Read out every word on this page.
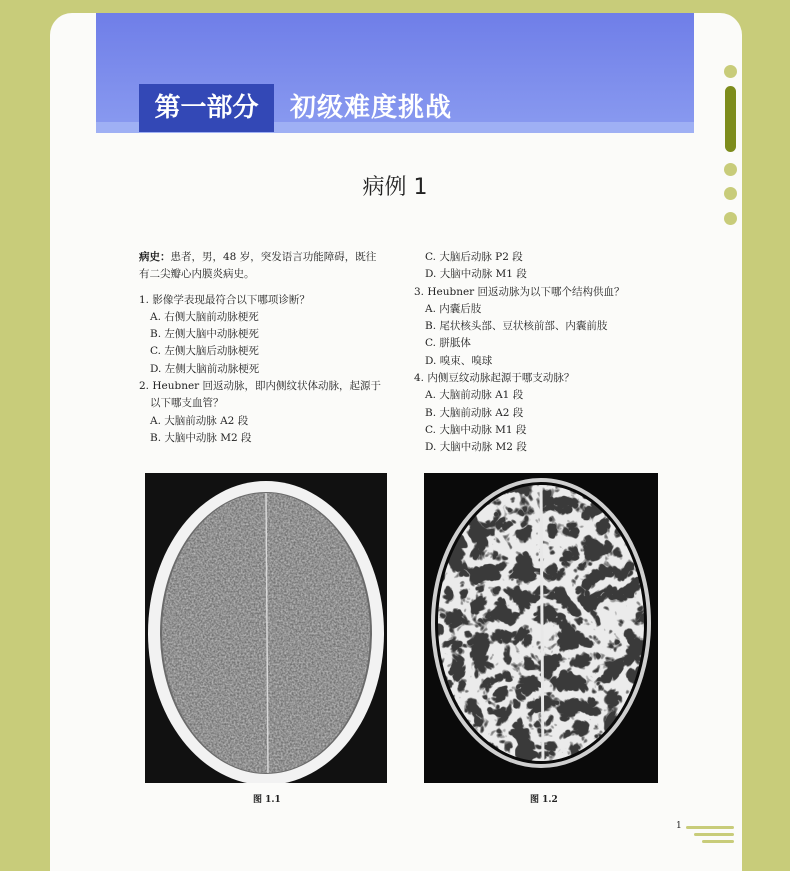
第一部分	初级难度挑战
病例 1

病史：患者，男，48 岁，突发语言功能障碍，既往

有二尖瓣心内膜炎病史。

1. 影像学表现最符合以下哪项诊断？

A. 右侧大脑前动脉梗死

B. 左侧大脑中动脉梗死

C. 左侧大脑后动脉梗死

D. 左侧大脑前动脉梗死

2. Heubner 回返动脉，即内侧纹状体动脉，起源于

以下哪支血管？

A. 大脑前动脉 A2 段

B. 大脑中动脉 M2 段

C. 大脑后动脉 P2 段

D. 大脑中动脉 M1 段

3. Heubner 回返动脉为以下哪个结构供血？

A. 内囊后肢

B. 尾状核头部、豆状核前部、内囊前肢

C. 胼胝体

D. 嗅束、嗅球

4. 内侧豆纹动脉起源于哪支动脉？

A. 大脑前动脉 A1 段

B. 大脑前动脉 A2 段

C. 大脑中动脉 M1 段

D. 大脑中动脉 M2 段

图 1.1	图 1.2
1
